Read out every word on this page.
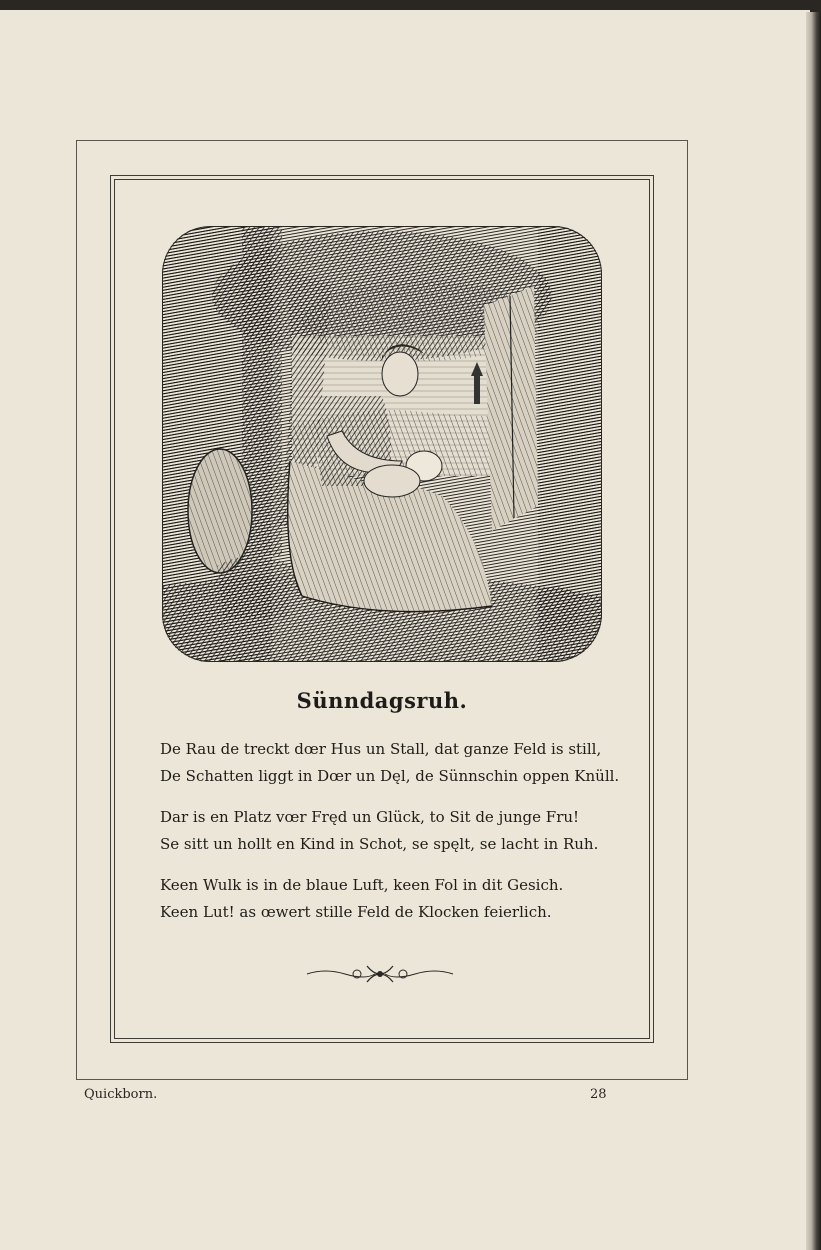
Sünndagsruh.
De Rau de treckt dœr Hus un Stall, dat ganze Feld is still,
De Schatten liggt in Dœr un Dęl, de Sünnschin oppen Knüll.
Dar is en Platz vœr Fręd un Glück, to Sit de junge Fru!
Se sitt un hollt en Kind in Schot, se spęlt, se lacht in Ruh.
Keen Wulk is in de blaue Luft, keen Fol in dit Gesich.
Keen Lut! as œwert stille Feld de Klocken feierlich.
Quickborn.	28
